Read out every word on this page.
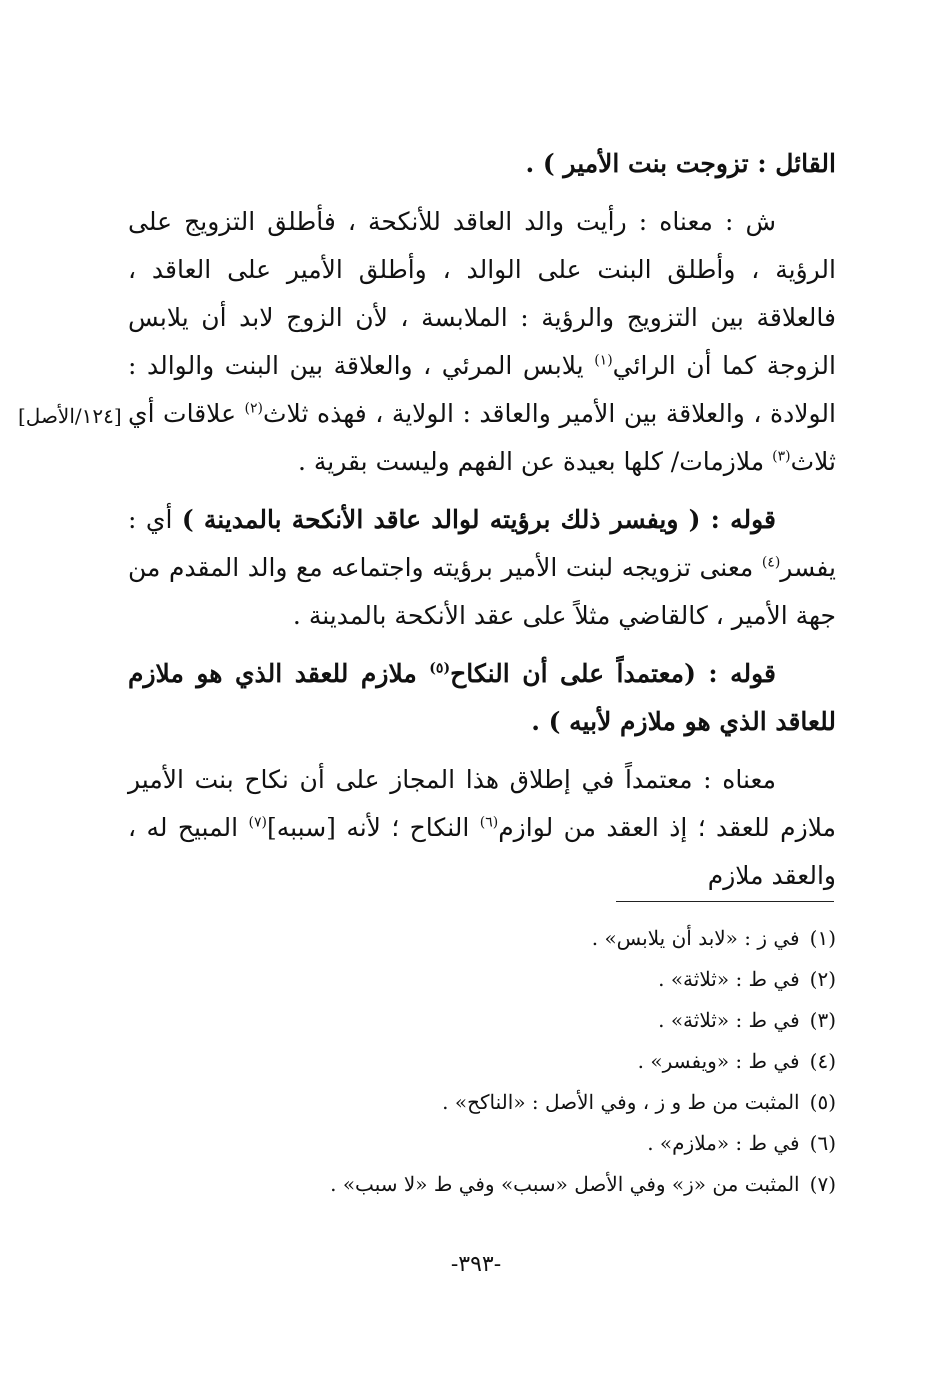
القائل : تزوجت بنت الأمير ) .

ش : معناه : رأيت والد العاقد للأنكحة ، فأطلق التزويج على الرؤية ، وأطلق البنت على الوالد ، وأطلق الأمير على العاقد ، فالعلاقة بين التزويج والرؤية : الملابسة ، لأن الزوج لابد أن يلابس الزوجة كما أن الرائي$^{(١)}$ يلابس المرئي ، والعلاقة بين البنت والوالد : الولادة ، والعلاقة بين الأمير والعاقد : الولاية ، فهذه ثلاث$^{(٢)}$ علاقات أي ثلاث$^{(٣)}$ ملازمات/ كلها بعيدة عن الفهم وليست بقرية .

قوله : ( ويفسر ذلك برؤيته لوالد عاقد الأنكحة بالمدينة ) أي : يفسر$^{(٤)}$ معنى تزويجه لبنت الأمير برؤيته واجتماعه مع والد المقدم من جهة الأمير ، كالقاضي مثلاً على عقد الأنكحة بالمدينة .

قوله : (معتمداً على أن النكاح$^{(٥)}$ ملازم للعقد الذي هو ملازم للعاقد الذي هو ملازم لأبيه ) .

معناه : معتمداً في إطلاق هذا المجاز على أن نكاح بنت الأمير ملازم للعقد ؛ إذ العقد من لوازم$^{(٦)}$ النكاح ؛ لأنه [سببه]$^{(٧)}$ المبيح له ، والعقد ملازم

[١٢٤/الأصل]
(١)في ز : «لابد أن يلابس» .
(٢)في ط : «ثلاثة» .
(٣)في ط : «ثلاثة» .
(٤)في ط : «ويفسر» .
(٥)المثبت من ط و ز ، وفي الأصل : «الناكح» .
(٦)في ط : «ملازم» .
(٧)المثبت من «ز» وفي الأصل «سبب» وفي ط «لا سبب» .
-٣٩٣-
